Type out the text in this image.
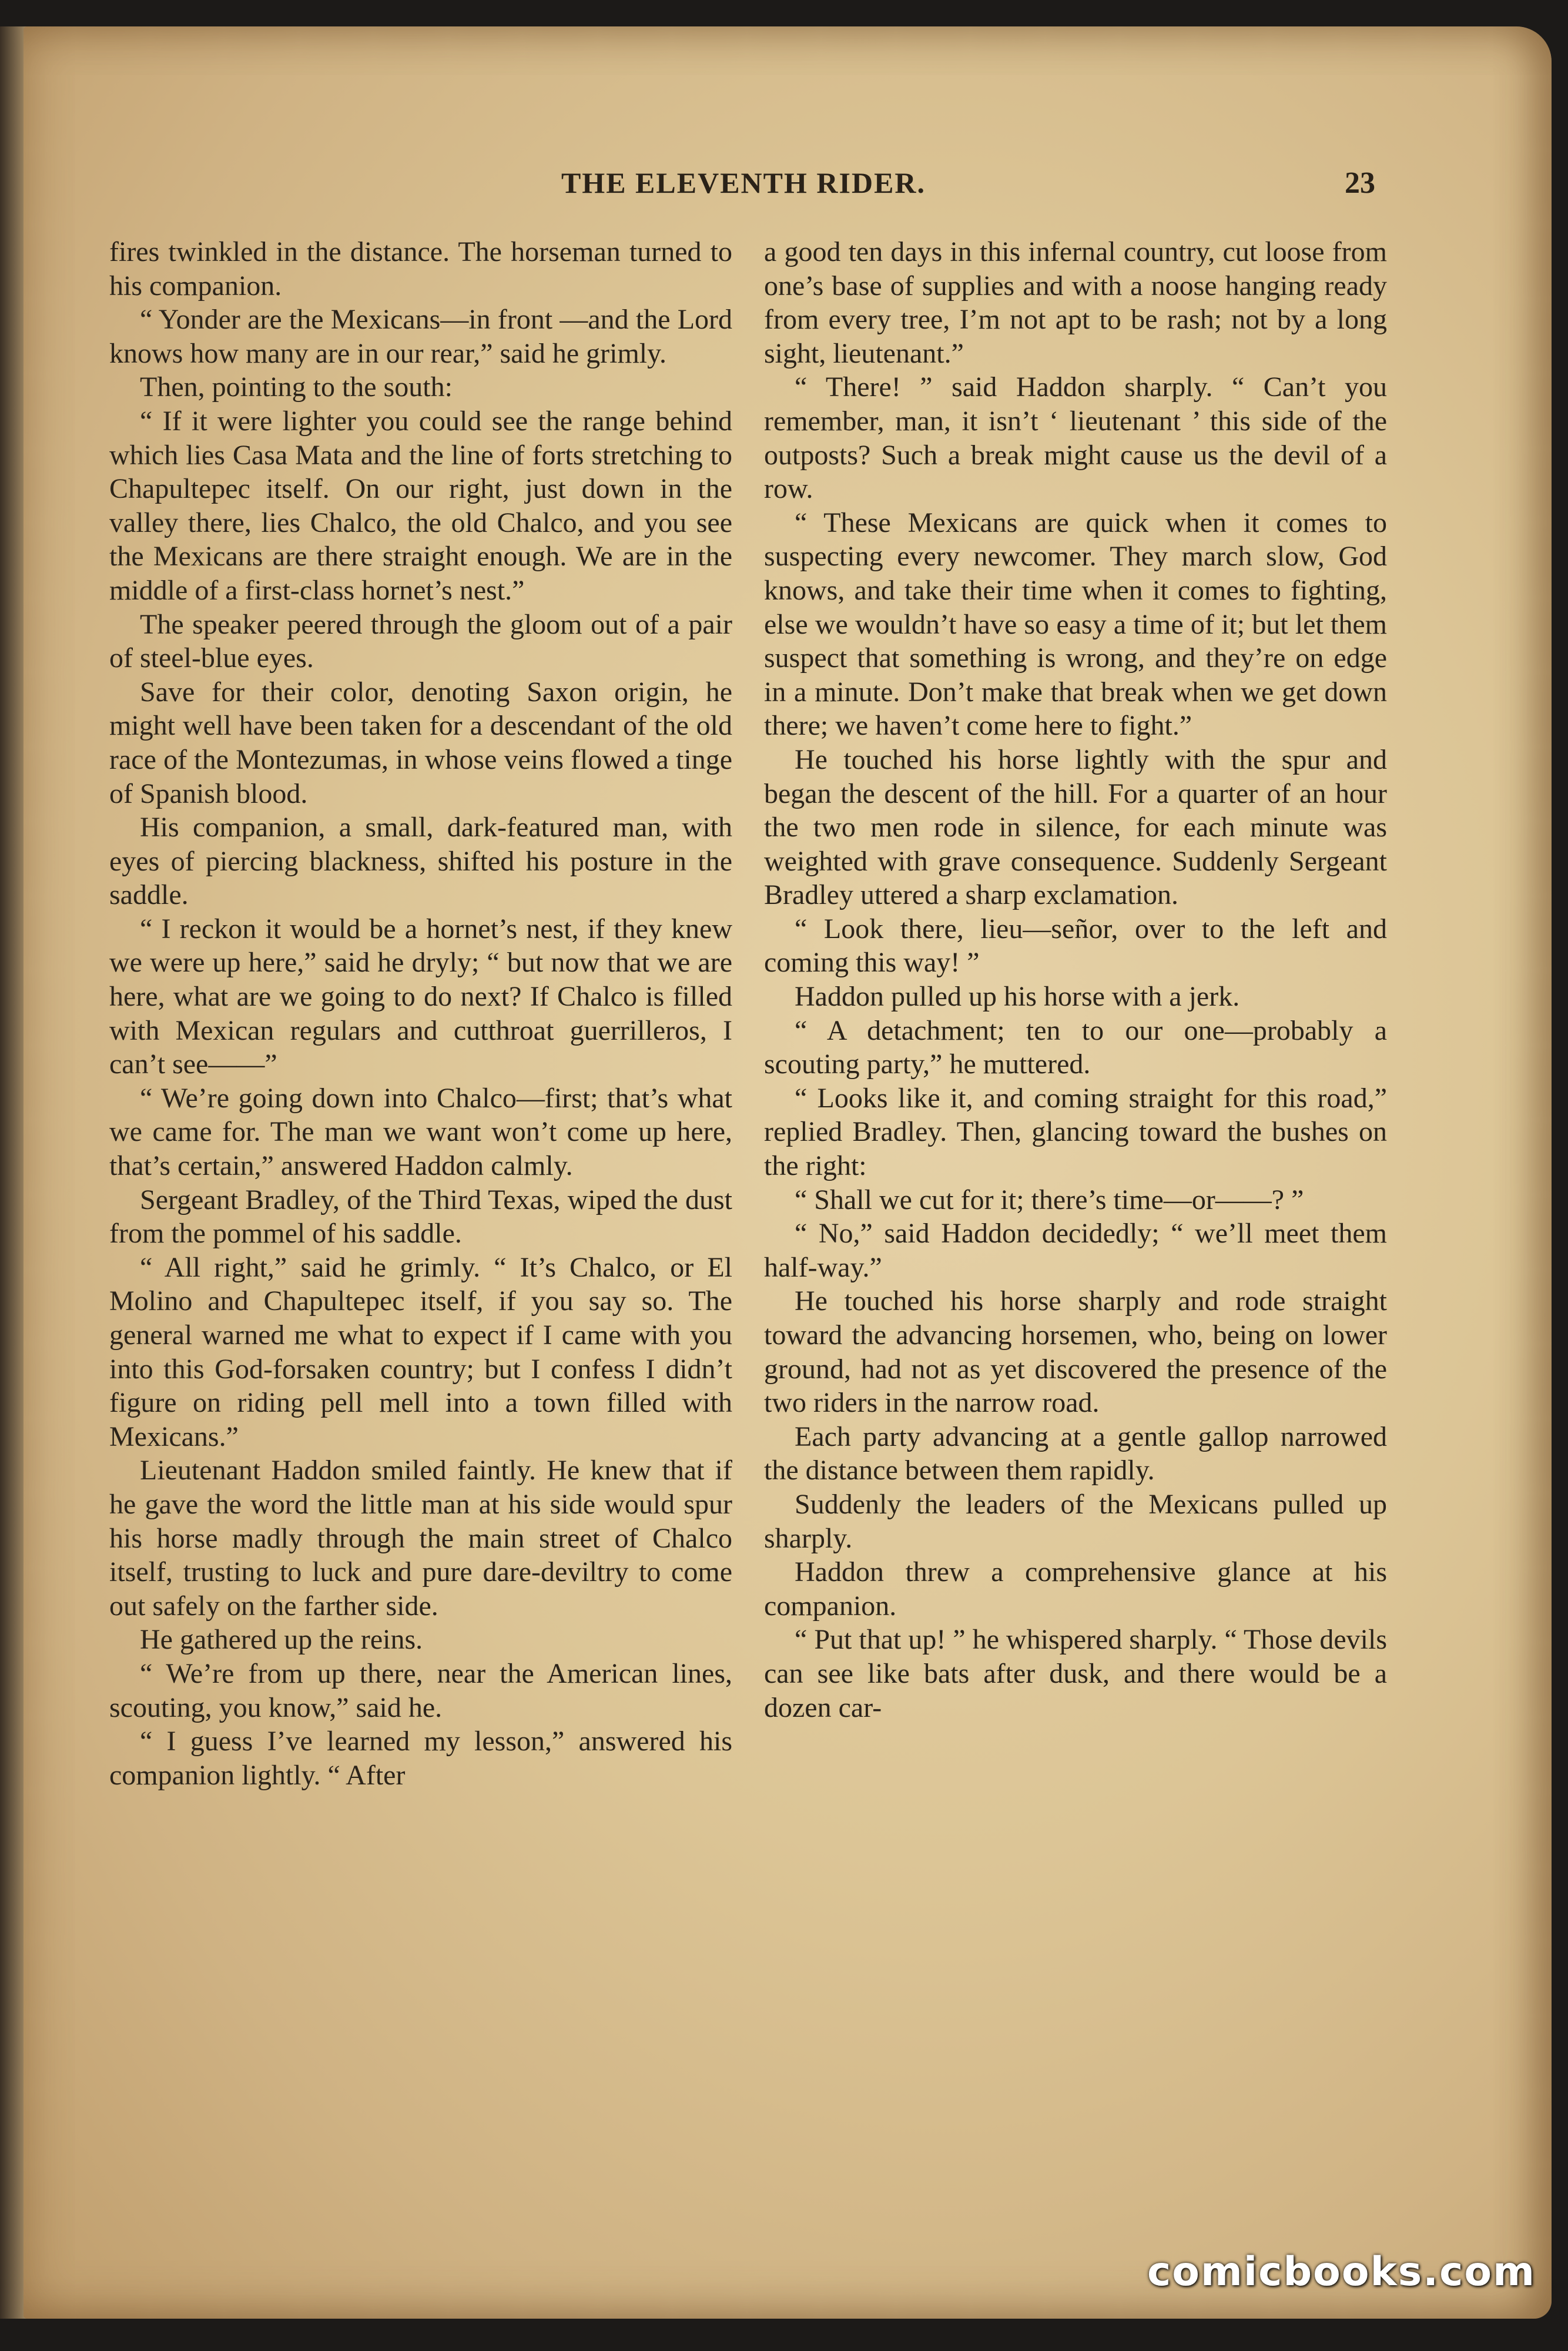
THE ELEVENTH RIDER.	23

fires twinkled in the distance. The horseman turned to his companion.

“ Yonder are the Mexicans—in front —and the Lord knows how many are in our rear,” said he grimly.

Then, pointing to the south:

“ If it were lighter you could see the range behind which lies Casa Mata and the line of forts stretching to Chapultepec itself. On our right, just down in the valley there, lies Chalco, the old Chalco, and you see the Mexicans are there straight enough. We are in the middle of a first-class hornet’s nest.”

The speaker peered through the gloom out of a pair of steel-blue eyes.

Save for their color, denoting Saxon origin, he might well have been taken for a descendant of the old race of the Montezumas, in whose veins flowed a tinge of Spanish blood.

His companion, a small, dark-featured man, with eyes of piercing blackness, shifted his posture in the saddle.

“ I reckon it would be a hornet’s nest, if they knew we were up here,” said he dryly; “ but now that we are here, what are we going to do next? If Chalco is filled with Mexican regulars and cutthroat guerrilleros, I can’t see——”

“ We’re going down into Chalco—first; that’s what we came for. The man we want won’t come up here, that’s certain,” answered Haddon calmly.

Sergeant Bradley, of the Third Texas, wiped the dust from the pommel of his saddle.

“ All right,” said he grimly. “ It’s Chalco, or El Molino and Chapultepec itself, if you say so. The general warned me what to expect if I came with you into this God-forsaken country; but I confess I didn’t figure on riding pell mell into a town filled with Mexicans.”

Lieutenant Haddon smiled faintly. He knew that if he gave the word the little man at his side would spur his horse madly through the main street of Chalco itself, trusting to luck and pure dare-deviltry to come out safely on the farther side.

He gathered up the reins.

“ We’re from up there, near the American lines, scouting, you know,” said he.

“ I guess I’ve learned my lesson,” answered his companion lightly. “ After

a good ten days in this infernal country, cut loose from one’s base of supplies and with a noose hanging ready from every tree, I’m not apt to be rash; not by a long sight, lieutenant.”

“ There! ” said Haddon sharply. “ Can’t you remember, man, it isn’t ‘ lieutenant ’ this side of the outposts? Such a break might cause us the devil of a row.

“ These Mexicans are quick when it comes to suspecting every newcomer. They march slow, God knows, and take their time when it comes to fighting, else we wouldn’t have so easy a time of it; but let them suspect that something is wrong, and they’re on edge in a minute. Don’t make that break when we get down there; we haven’t come here to fight.”

He touched his horse lightly with the spur and began the descent of the hill. For a quarter of an hour the two men rode in silence, for each minute was weighted with grave consequence. Suddenly Sergeant Bradley uttered a sharp exclamation.

“ Look there, lieu—señor, over to the left and coming this way! ”

Haddon pulled up his horse with a jerk.

“ A detachment; ten to our one—probably a scouting party,” he muttered.

“ Looks like it, and coming straight for this road,” replied Bradley. Then, glancing toward the bushes on the right:

“ Shall we cut for it; there’s time—or——? ”

“ No,” said Haddon decidedly; “ we’ll meet them half-way.”

He touched his horse sharply and rode straight toward the advancing horsemen, who, being on lower ground, had not as yet discovered the presence of the two riders in the narrow road.

Each party advancing at a gentle gallop narrowed the distance between them rapidly.

Suddenly the leaders of the Mexicans pulled up sharply.

Haddon threw a comprehensive glance at his companion.

“ Put that up! ” he whispered sharply. “ Those devils can see like bats after dusk, and there would be a dozen car-

comicbooks.com
